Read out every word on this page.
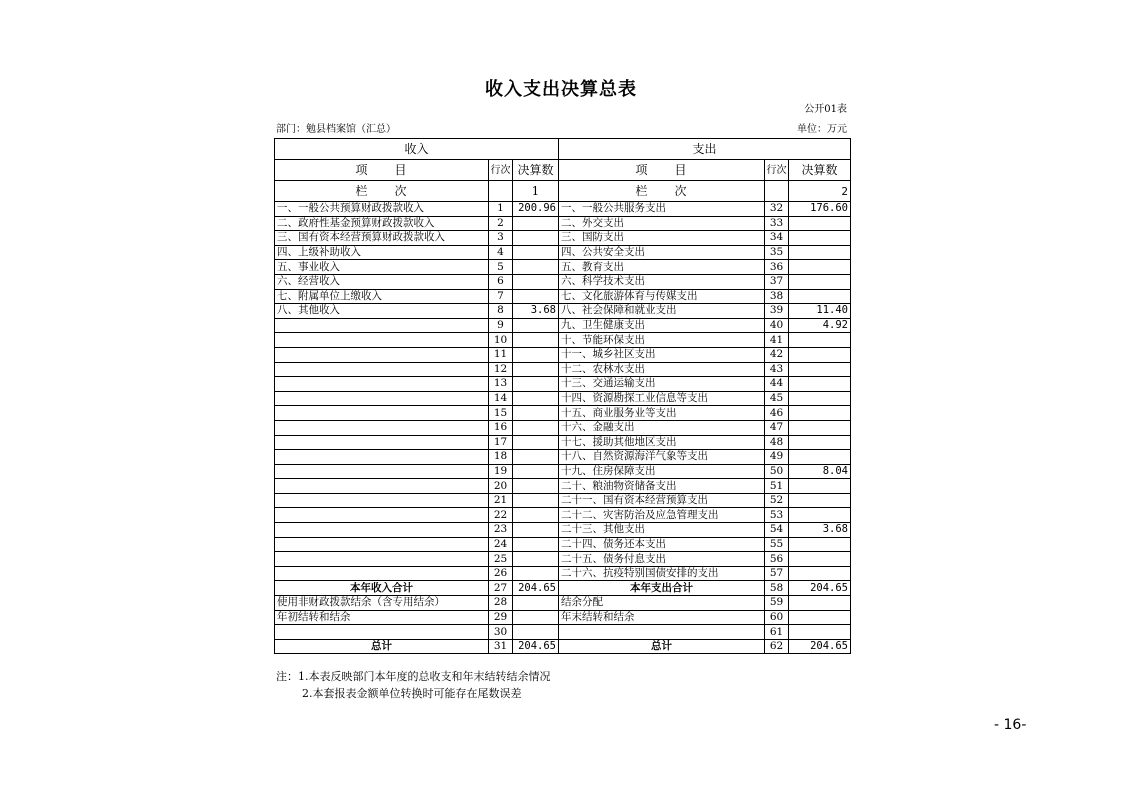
收入支出决算总表
公开01表
部门：勉县档案馆（汇总）	单位：万元
收入			支出		
项　　目	行次	决算数	项　　目	行次	决算数
栏　　次		1	栏　　次		2
一、一般公共预算财政拨款收入	1	200.96	一、一般公共服务支出	32	176.60
二、政府性基金预算财政拨款收入	2		二、外交支出	33	
三、国有资本经营预算财政拨款收入	3		三、国防支出	34	
四、上级补助收入	4		四、公共安全支出	35	
五、事业收入	5		五、教育支出	36	
六、经营收入	6		六、科学技术支出	37	
七、附属单位上缴收入	7		七、文化旅游体育与传媒支出	38	
八、其他收入	8	3.68	八、社会保障和就业支出	39	11.40
	9		九、卫生健康支出	40	4.92
	10		十、节能环保支出	41	
	11		十一、城乡社区支出	42	
	12		十二、农林水支出	43	
	13		十三、交通运输支出	44	
	14		十四、资源勘探工业信息等支出	45	
	15		十五、商业服务业等支出	46	
	16		十六、金融支出	47	
	17		十七、援助其他地区支出	48	
	18		十八、自然资源海洋气象等支出	49	
	19		十九、住房保障支出	50	8.04
	20		二十、粮油物资储备支出	51	
	21		二十一、国有资本经营预算支出	52	
	22		二十二、灾害防治及应急管理支出	53	
	23		二十三、其他支出	54	3.68
	24		二十四、债务还本支出	55	
	25		二十五、债务付息支出	56	
	26		二十六、抗疫特别国债安排的支出	57	
本年收入合计	27	204.65	本年支出合计	58	204.65
使用非财政拨款结余（含专用结余）	28		结余分配	59	
年初结转和结余	29		年末结转和结余	60	
	30			61	
总计	31	204.65	总计	62	204.65
注：1.本表反映部门本年度的总收支和年末结转结余情况
2.本套报表金额单位转换时可能存在尾数误差
- 16-
